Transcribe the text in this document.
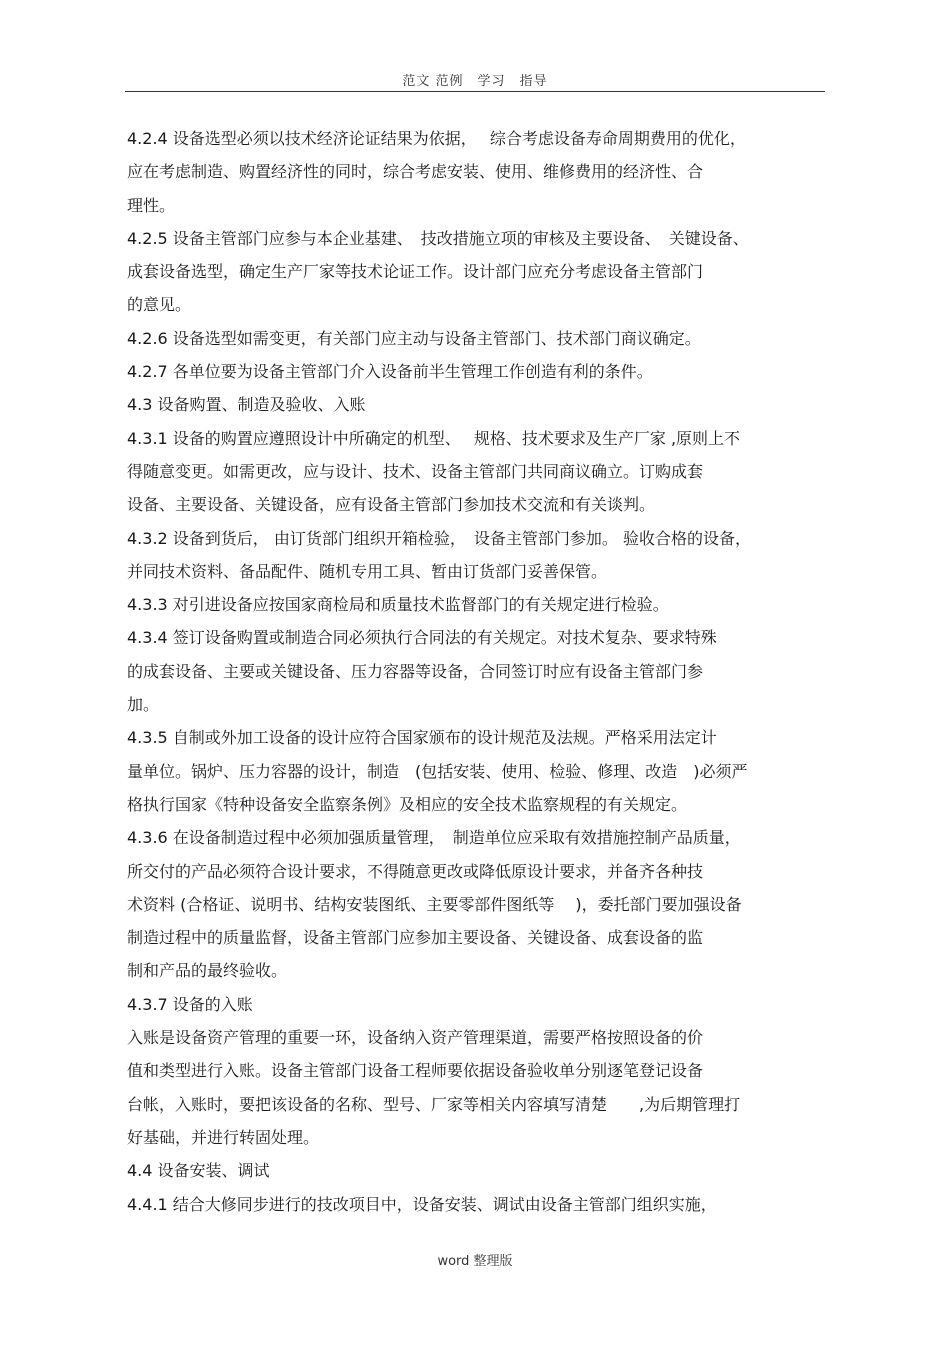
范文 范例　学习　指导
4.2.4 设备选型必须以技术经济论证结果为依据，　 综合考虑设备寿命周期费用的优化，
应在考虑制造、购置经济性的同时，综合考虑安装、使用、维修费用的经济性、合
理性。
4.2.5 设备主管部门应参与本企业基建、　技改措施立项的审核及主要设备、　关键设备、
成套设备选型，确定生产厂家等技术论证工作。设计部门应充分考虑设备主管部门
的意见。
4.2.6 设备选型如需变更，有关部门应主动与设备主管部门、技术部门商议确定。
4.2.7 各单位要为设备主管部门介入设备前半生管理工作创造有利的条件。
4.3 设备购置、制造及验收、入账
4.3.1 设备的购置应遵照设计中所确定的机型、　 规格、技术要求及生产厂家 ,原则上不
得随意变更。如需更改，应与设计、技术、设备主管部门共同商议确立。订购成套
设备、主要设备、关键设备，应有设备主管部门参加技术交流和有关谈判。
4.3.2 设备到货后， 由订货部门组织开箱检验，　设备主管部门参加。 验收合格的设备，
并同技术资料、备品配件、随机专用工具、暂由订货部门妥善保管。
4.3.3 对引进设备应按国家商检局和质量技术监督部门的有关规定进行检验。
4.3.4 签订设备购置或制造合同必须执行合同法的有关规定。对技术复杂、要求特殊
的成套设备、主要或关键设备、压力容器等设备，合同签订时应有设备主管部门参
加。
4.3.5 自制或外加工设备的设计应符合国家颁布的设计规范及法规。严格采用法定计
量单位。锅炉、压力容器的设计，制造　(包括安装、使用、检验、修理、改造　)必须严
格执行国家《特种设备安全监察条例》及相应的安全技术监察规程的有关规定。
4.3.6 在设备制造过程中必须加强质量管理，　制造单位应采取有效措施控制产品质量，
所交付的产品必须符合设计要求，不得随意更改或降低原设计要求，并备齐各种技
术资料 (合格证、说明书、结构安装图纸、主要零部件图纸等　 )，委托部门要加强设备
制造过程中的质量监督，设备主管部门应参加主要设备、关键设备、成套设备的监
制和产品的最终验收。
4.3.7 设备的入账
入账是设备资产管理的重要一环，设备纳入资产管理渠道，需要严格按照设备的价
值和类型进行入账。设备主管部门设备工程师要依据设备验收单分别逐笔登记设备
台帐，入账时，要把该设备的名称、型号、厂家等相关内容填写清楚　　,为后期管理打
好基础，并进行转固处理。
4.4 设备安装、调试
4.4.1 结合大修同步进行的技改项目中，设备安装、调试由设备主管部门组织实施，
word 整理版
